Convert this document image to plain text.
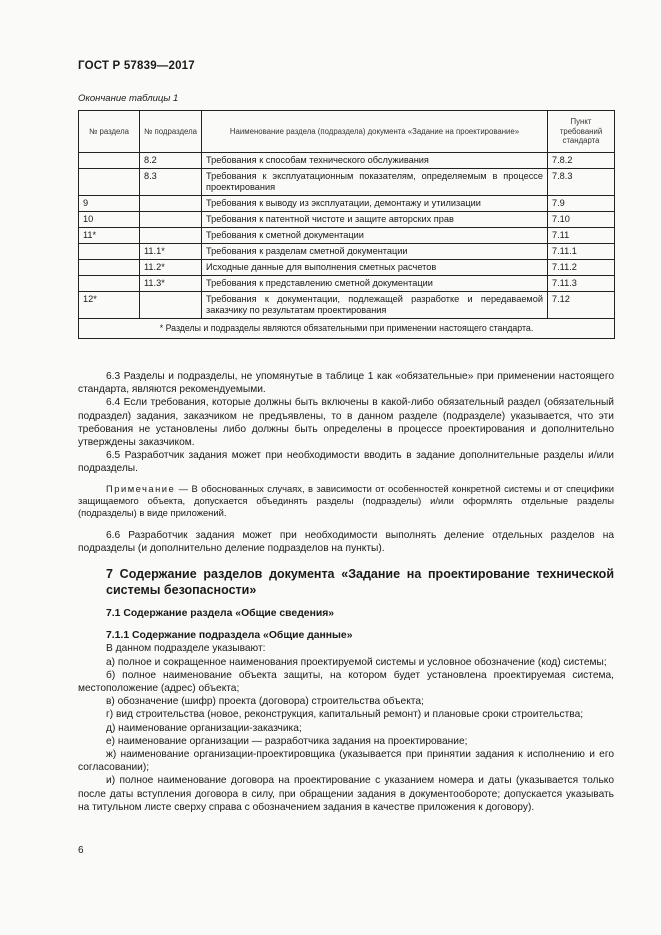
ГОСТ Р 57839—2017
Окончание таблицы 1
№ раздела	№ подраздела	Наименование раздела (подраздела) документа «Задание на проектирование»	Пункт требований стандарта
	8.2	Требования к способам технического обслуживания	7.8.2
	8.3	Требования к эксплуатационным показателям, определяемым в процессе проектирования	7.8.3
9		Требования к выводу из эксплуатации, демонтажу и утилизации	7.9
10		Требования к патентной чистоте и защите авторских прав	7.10
11*		Требования к сметной документации	7.11
	11.1*	Требования к разделам сметной документации	7.11.1
	11.2*	Исходные данные для выполнения сметных расчетов	7.11.2
	11.3*	Требования к представлению сметной документации	7.11.3
12*		Требования к документации, подлежащей разработке и передаваемой заказчику по результатам проектирования	7.12
* Разделы и подразделы являются обязательными при применении настоящего стандарта.			

6.3 Разделы и подразделы, не упомянутые в таблице 1 как «обязательные» при применении настоящего стандарта, являются рекомендуемыми.

6.4 Если требования, которые должны быть включены в какой-либо обязательный раздел (обязательный подраздел) задания, заказчиком не предъявлены, то в данном разделе (подразделе) указывается, что эти требования не установлены либо должны быть определены в процессе проектирования и дополнительно утверждены заказчиком.

6.5 Разработчик задания может при необходимости вводить в задание дополнительные разделы и/или подразделы.

Примечание — В обоснованных случаях, в зависимости от особенностей конкретной системы и от специфики защищаемого объекта, допускается объединять разделы (подразделы) и/или оформлять отдельные разделы (подразделы) в виде приложений.

6.6 Разработчик задания может при необходимости выполнять деление отдельных разделов на подразделы (и дополнительно деление подразделов на пункты).

7 Содержание разделов документа «Задание на проектирование технической системы безопасности»

7.1 Содержание раздела «Общие сведения»

7.1.1 Содержание подраздела «Общие данные»

В данном подразделе указывают:

а) полное и сокращенное наименования проектируемой системы и условное обозначение (код) системы;

б) полное наименование объекта защиты, на котором будет установлена проектируемая система, местоположение (адрес) объекта;

в) обозначение (шифр) проекта (договора) строительства объекта;

г) вид строительства (новое, реконструкция, капитальный ремонт) и плановые сроки строительства;

д) наименование организации-заказчика;

е) наименование организации — разработчика задания на проектирование;

ж) наименование организации-проектировщика (указывается при принятии задания к исполнению и его согласовании);

и) полное наименование договора на проектирование с указанием номера и даты (указывается только после даты вступления договора в силу, при обращении задания в документообороте; допускается указывать на титульном листе сверху справа с обозначением задания в качестве приложения к договору).

6
